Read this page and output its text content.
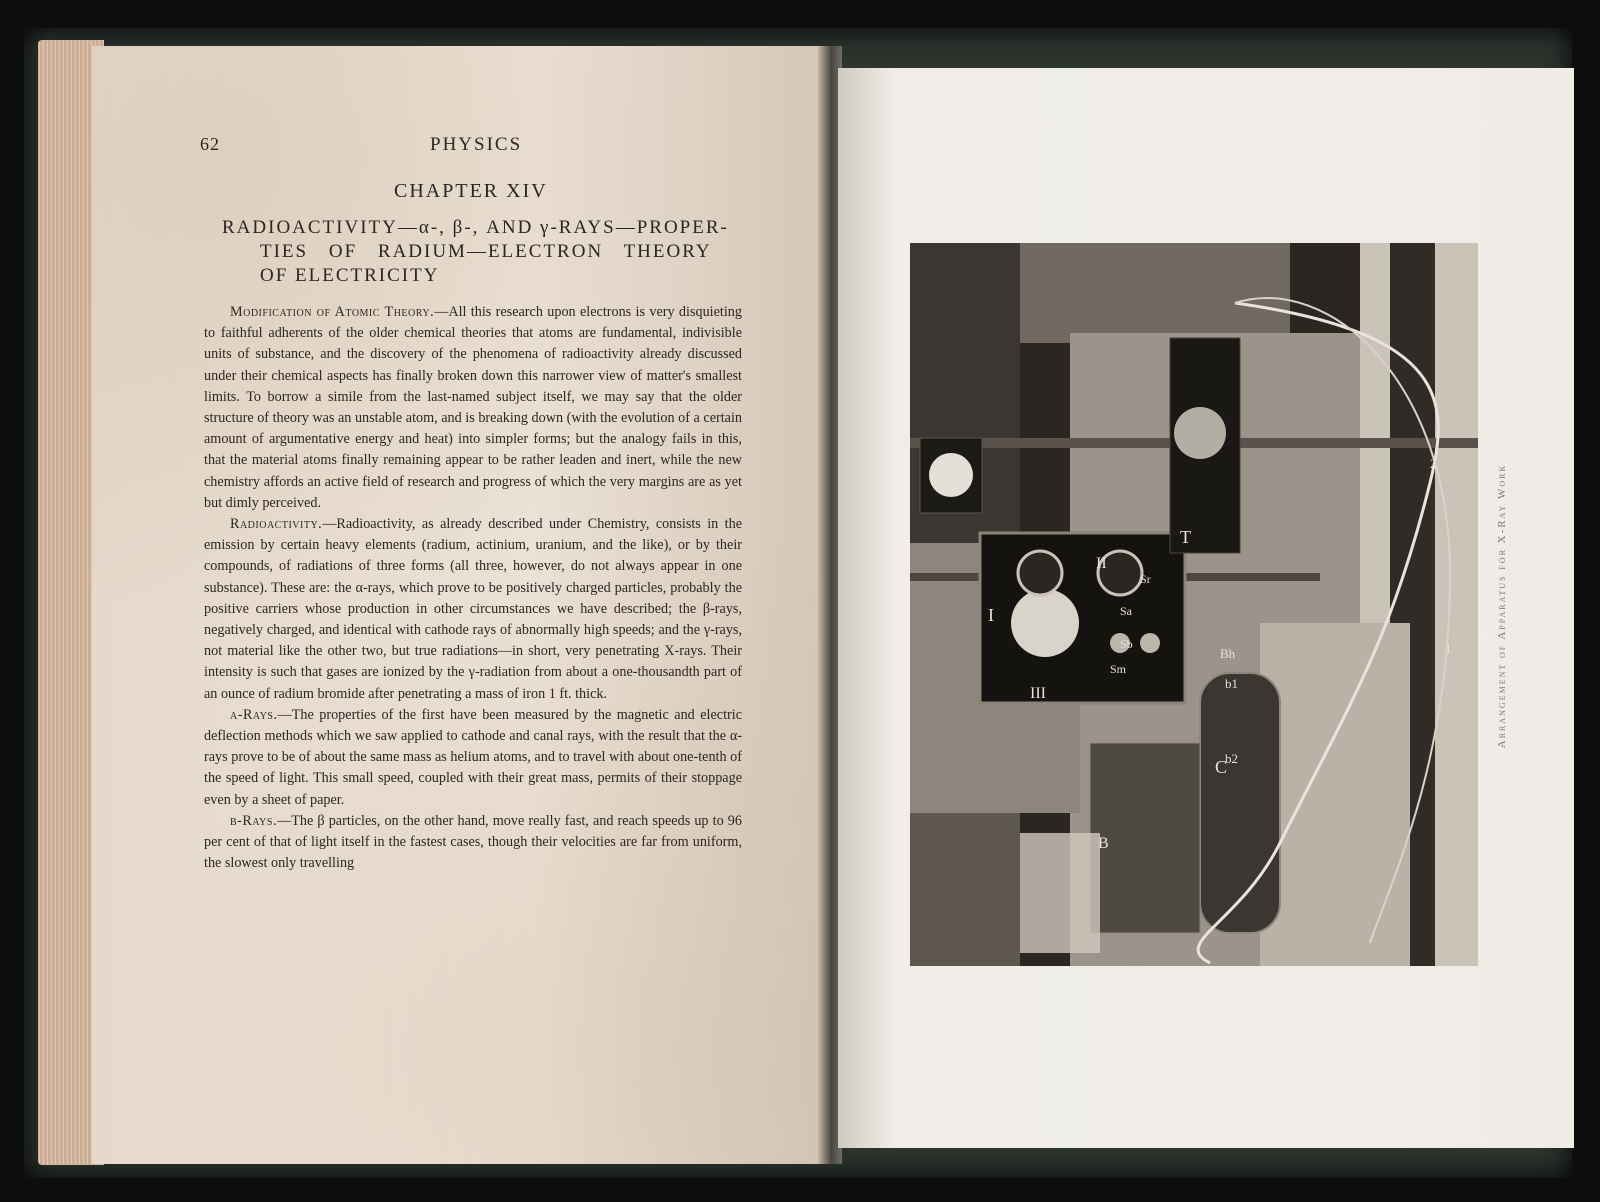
62	PHYSICS
CHAPTER XIV
RADIOACTIVITY—α-, β-, AND γ-RAYS—PROPER-
TIES OF RADIUM—ELECTRON THEORY
OF ELECTRICITY

Modification of Atomic Theory.—All this research upon electrons is very disquieting to faithful adherents of the older chemical theories that atoms are fundamental, indivisible units of substance, and the discovery of the phenomena of radioactivity already discussed under their chemical aspects has finally broken down this narrower view of matter's smallest limits. To borrow a simile from the last-named subject itself, we may say that the older structure of theory was an unstable atom, and is breaking down (with the evolution of a certain amount of argumentative energy and heat) into simpler forms; but the analogy fails in this, that the material atoms finally remaining appear to be rather leaden and inert, while the new chemistry affords an active field of research and progress of which the very margins are as yet but dimly perceived.

Radioactivity.—Radioactivity, as already described under Chemistry, consists in the emission by certain heavy elements (radium, actinium, uranium, and the like), or by their compounds, of radiations of three forms (all three, however, do not always appear in one substance). These are: the α-rays, which prove to be positively charged particles, probably the positive carriers whose production in other circumstances we have described; the β-rays, negatively charged, and identical with cathode rays of abnormally high speeds; and the γ-rays, not material like the other two, but true radiations—in short, very penetrating X-rays. Their intensity is such that gases are ionized by the γ-radiation from about a one-thousandth part of an ounce of radium bromide after penetrating a mass of iron 1 ft. thick.

α-Rays.—The properties of the first have been measured by the magnetic and electric deflection methods which we saw applied to cathode and canal rays, with the result that the α-rays prove to be of about the same mass as helium atoms, and to travel with about one-tenth of the speed of light. This small speed, coupled with their great mass, permits of their stoppage even by a sheet of paper.

β-Rays.—The β particles, on the other hand, move really fast, and reach speeds up to 96 per cent of that of light itself in the fastest cases, though their velocities are far from uniform, the slowest only travelling

I
II
III
C
T
B
Bh
b1
b2
Sr
Sa
Sb
Sm
1
2
Arrangement of Apparatus for X-Ray Work
